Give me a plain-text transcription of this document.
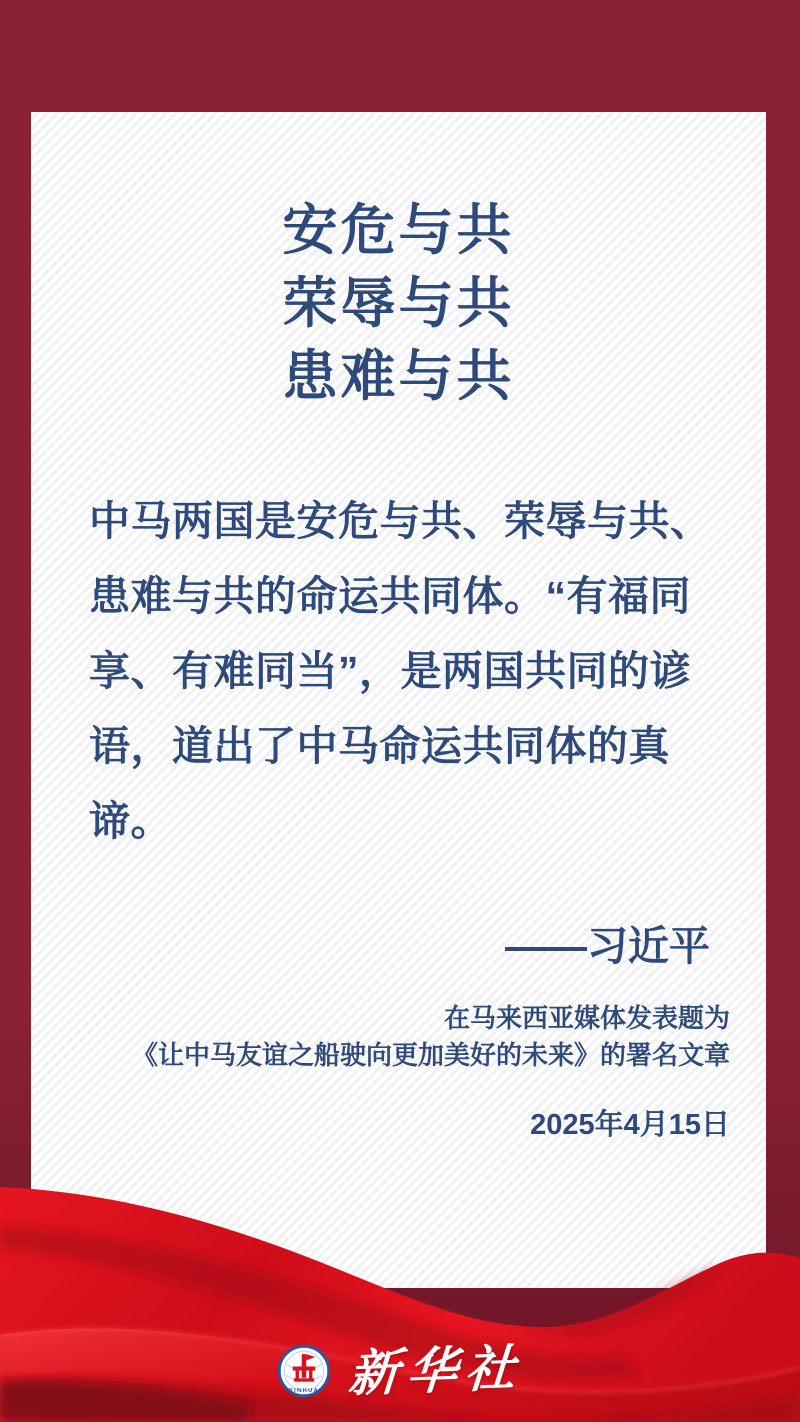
安危与共
荣辱与共
患难与共
中马两国是安危与共、荣辱与共、
患难与共的命运共同体。“有福同
享、有难同当”，是两国共同的谚
语，道出了中马命运共同体的真
谛。
——习近平
在马来西亚媒体发表题为
《让中马友谊之船驶向更加美好的未来》的署名文章
2025年4月15日
XINHUA 新华社
